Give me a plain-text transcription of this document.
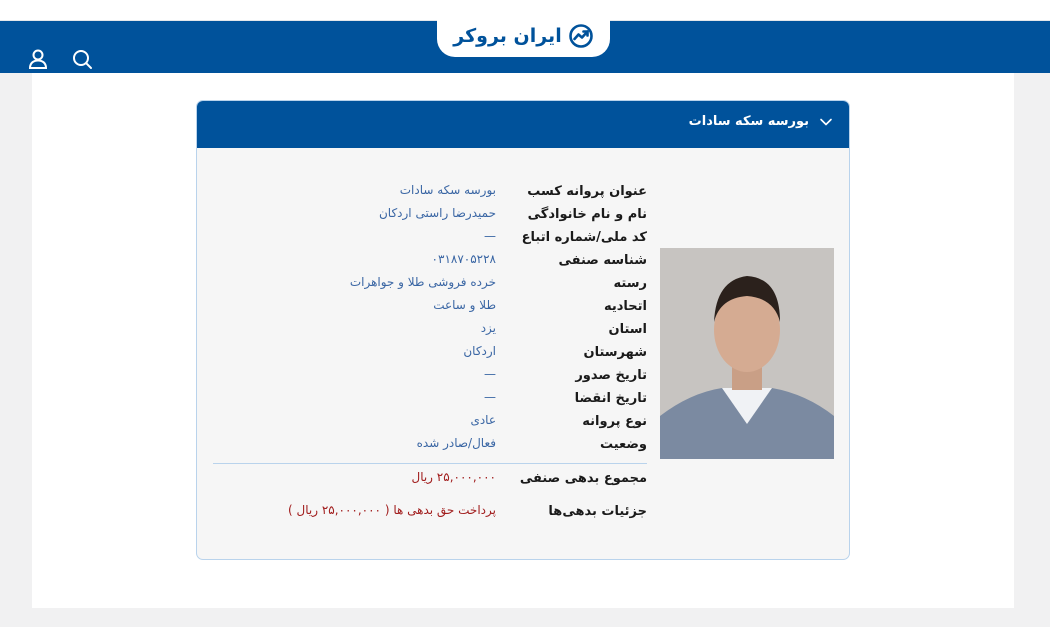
ایران بروکر
بورسه سکه سادات
عنوان پروانه کسب
بورسه سکه سادات
نام و نام خانوادگی
حمیدرضا راستی اردکان
کد ملی/شماره اتباع
—
شناسه صنفی
۰۳۱۸۷۰۵۲۲۸
رسته
خرده فروشی طلا و جواهرات
اتحادیه
طلا و ساعت
استان
یزد
شهرستان
اردکان
تاریخ صدور
—
تاریخ انقضا
—
نوع پروانه
عادی
وضعیت
فعال/صادر شده
مجموع بدهی صنفی
۲۵,۰۰۰,۰۰۰ ریال
جزئیات بدهی‌ها
پرداخت حق بدهی ها ( ۲۵,۰۰۰,۰۰۰ ریال )
